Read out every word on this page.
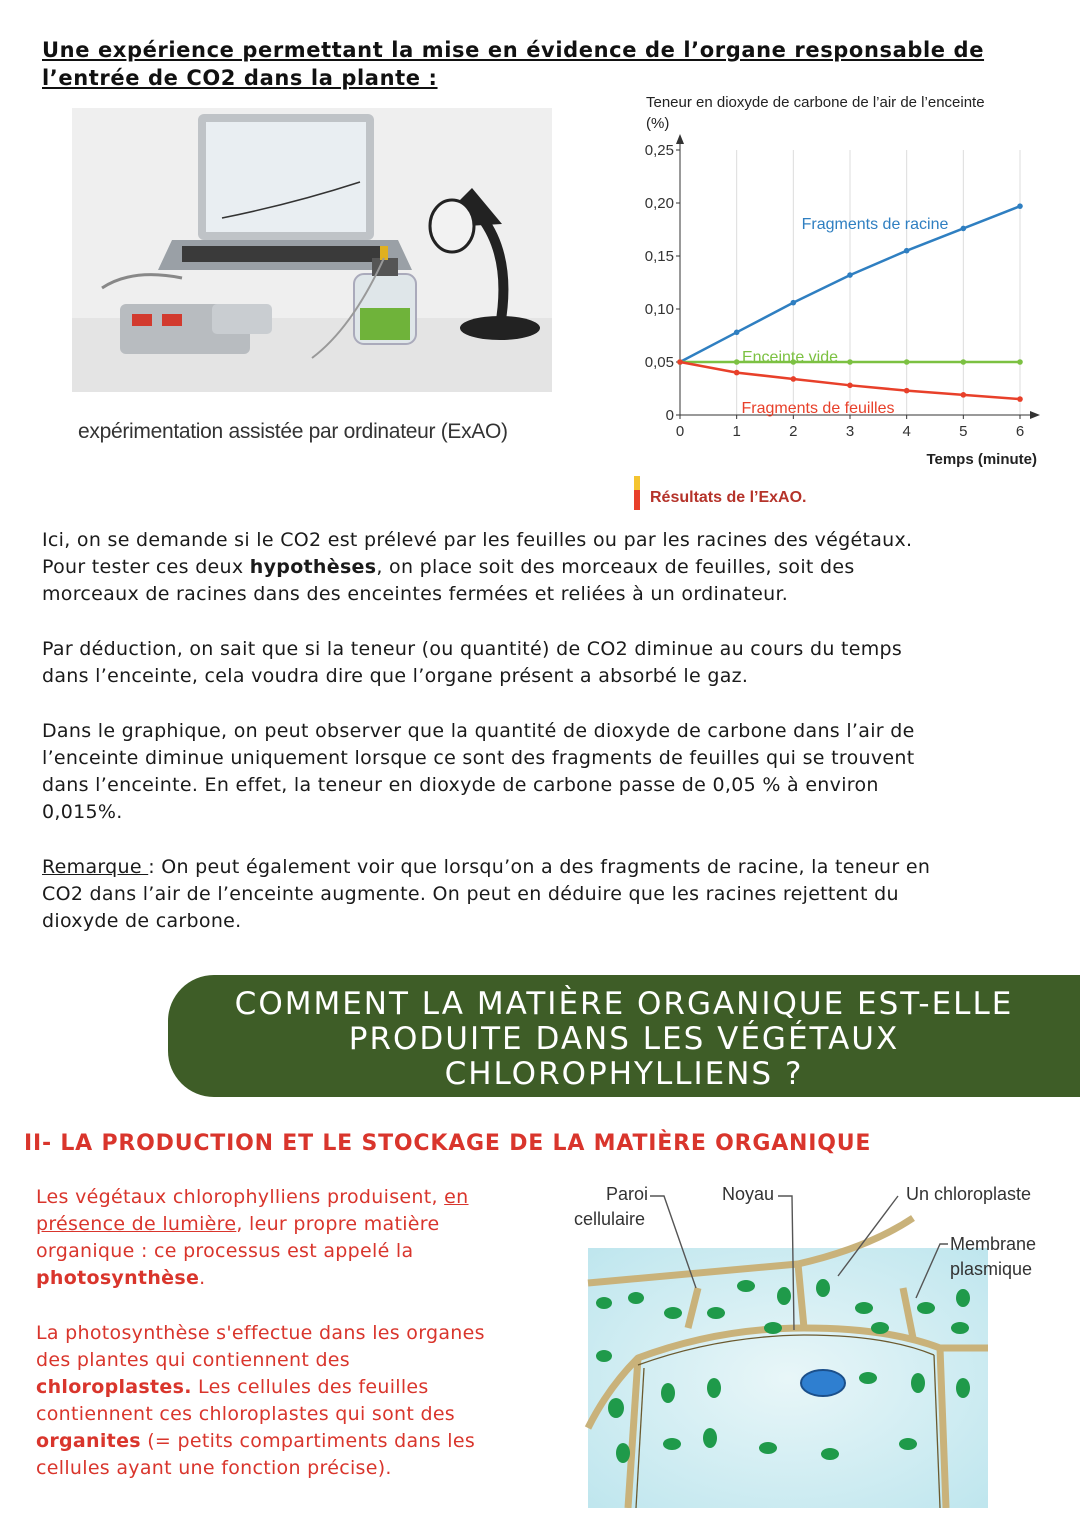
Une expérience permettant la mise en évidence de l’organe responsable de
l’entrée de CO2 dans la plante :
expérimentation assistée par ordinateur (ExAO)
Teneur en dioxyde de carbone de l’air de l’enceinte
(%)
Temps (minute)
0
0,05
0,10
0,15
0,20
0,25
0	1	2	3	4	5	6
Fragments de racine
Enceinte vide
Fragments de feuilles
Résultats de l’ExAO.
Ici, on se demande si le CO2 est prélevé par les feuilles ou par les racines des végétaux.
Pour tester ces deux hypothèses, on place soit des morceaux de feuilles, soit des
morceaux de racines dans des enceintes fermées et reliées à un ordinateur.
Par déduction, on sait que si la teneur (ou quantité) de CO2 diminue au cours du temps
dans l’enceinte, cela voudra dire que l’organe présent a absorbé le gaz.
Dans le graphique, on peut observer que la quantité de dioxyde de carbone dans l’air de
l’enceinte diminue uniquement lorsque ce sont des fragments de feuilles qui se trouvent
dans l’enceinte. En effet, la teneur en dioxyde de carbone passe de 0,05 % à environ
0,015%.
Remarque : On peut également voir que lorsqu’on a des fragments de racine, la teneur en
CO2 dans l’air de l’enceinte augmente. On peut en déduire que les racines rejettent du
dioxyde de carbone.
COMMENT LA MATIÈRE ORGANIQUE EST-ELLE
PRODUITE DANS LES VÉGÉTAUX
CHLOROPHYLLIENS ?
II- LA PRODUCTION ET LE STOCKAGE DE LA MATIÈRE ORGANIQUE
Les végétaux chlorophylliens produisent, en
présence de lumière, leur propre matière
organique : ce processus est appelé la
photosynthèse.
La photosynthèse s'effectue dans les organes
des plantes qui contiennent des
chloroplastes. Les cellules des feuilles
contiennent ces chloroplastes qui sont des
organites (= petits compartiments dans les
cellules ayant une fonction précise).
Paroi
cellulaire
Noyau	Un chloroplaste
Membrane
plasmique
